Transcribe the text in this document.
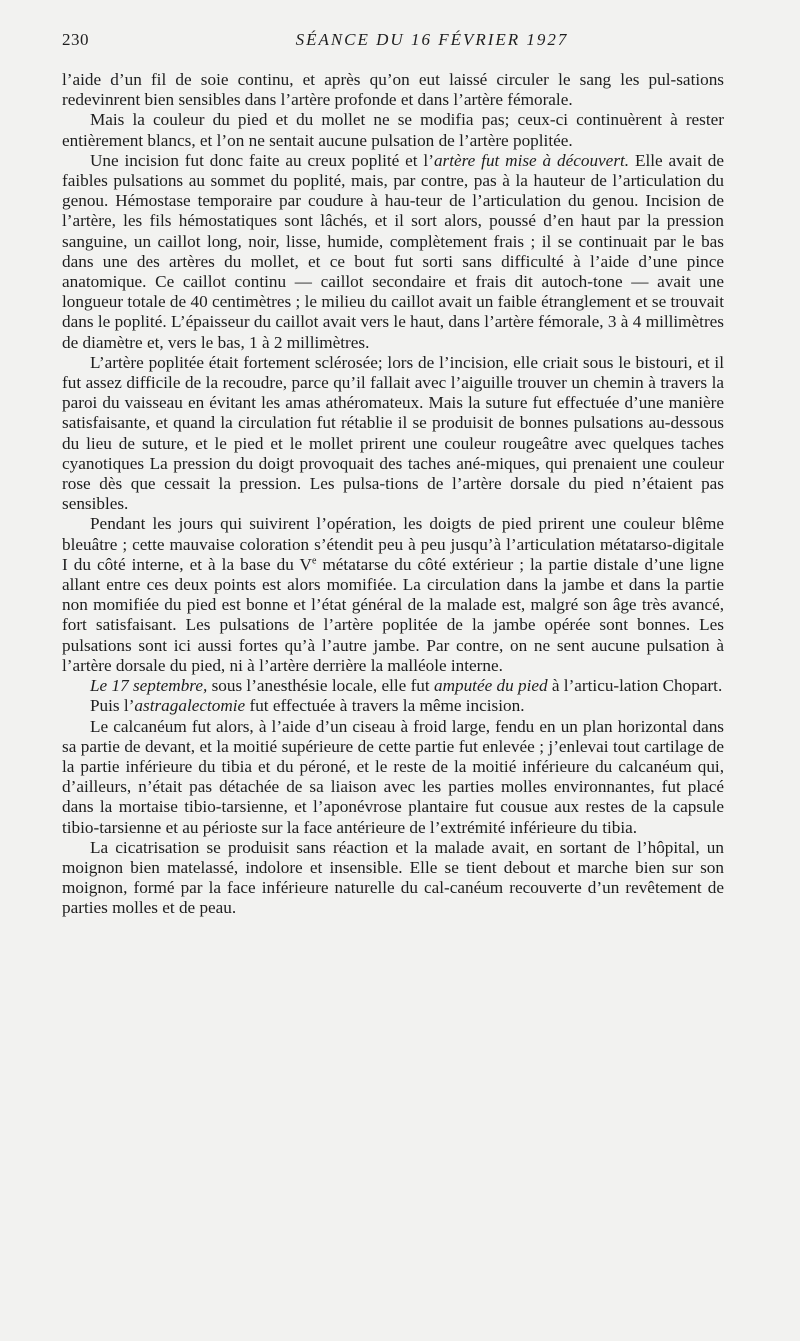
230	SÉANCE DU 16 FÉVRIER 1927

l’aide d’un fil de soie continu, et après qu’on eut laissé circuler le sang les pul-sations redevinrent bien sensibles dans l’artère profonde et dans l’artère fémorale.

Mais la couleur du pied et du mollet ne se modifia pas; ceux-ci continuèrent à rester entièrement blancs, et l’on ne sentait aucune pulsation de l’artère poplitée.

Une incision fut donc faite au creux poplité et l’artère fut mise à découvert. Elle avait de faibles pulsations au sommet du poplité, mais, par contre, pas à la hauteur de l’articulation du genou. Hémostase temporaire par coudure à hau-teur de l’articulation du genou. Incision de l’artère, les fils hémostatiques sont lâchés, et il sort alors, poussé d’en haut par la pression sanguine, un caillot long, noir, lisse, humide, complètement frais ; il se continuait par le bas dans une des artères du mollet, et ce bout fut sorti sans difficulté à l’aide d’une pince anatomique. Ce caillot continu — caillot secondaire et frais dit autoch-tone — avait une longueur totale de 40 centimètres ; le milieu du caillot avait un faible étranglement et se trouvait dans le poplité. L’épaisseur du caillot avait vers le haut, dans l’artère fémorale, 3 à 4 millimètres de diamètre et, vers le bas, 1 à 2 millimètres.

L’artère poplitée était fortement sclérosée; lors de l’incision, elle criait sous le bistouri, et il fut assez difficile de la recoudre, parce qu’il fallait avec l’aiguille trouver un chemin à travers la paroi du vaisseau en évitant les amas athéromateux. Mais la suture fut effectuée d’une manière satisfaisante, et quand la circulation fut rétablie il se produisit de bonnes pulsations au-dessous du lieu de suture, et le pied et le mollet prirent une couleur rougeâtre avec quelques taches cyanotiques La pression du doigt provoquait des taches ané-miques, qui prenaient une couleur rose dès que cessait la pression. Les pulsa-tions de l’artère dorsale du pied n’étaient pas sensibles.

Pendant les jours qui suivirent l’opération, les doigts de pied prirent une couleur blême bleuâtre ; cette mauvaise coloration s’étendit peu à peu jusqu’à l’articulation métatarso-digitale I du côté interne, et à la base du Ve métatarse du côté extérieur ; la partie distale d’une ligne allant entre ces deux points est alors momifiée. La circulation dans la jambe et dans la partie non momifiée du pied est bonne et l’état général de la malade est, malgré son âge très avancé, fort satisfaisant. Les pulsations de l’artère poplitée de la jambe opérée sont bonnes. Les pulsations sont ici aussi fortes qu’à l’autre jambe. Par contre, on ne sent aucune pulsation à l’artère dorsale du pied, ni à l’artère derrière la malléole interne.

Le 17 septembre, sous l’anesthésie locale, elle fut amputée du pied à l’articu-lation Chopart.

Puis l’astragalectomie fut effectuée à travers la même incision.

Le calcanéum fut alors, à l’aide d’un ciseau à froid large, fendu en un plan horizontal dans sa partie de devant, et la moitié supérieure de cette partie fut enlevée ; j’enlevai tout cartilage de la partie inférieure du tibia et du péroné, et le reste de la moitié inférieure du calcanéum qui, d’ailleurs, n’était pas détachée de sa liaison avec les parties molles environnantes, fut placé dans la mortaise tibio-tarsienne, et l’aponévrose plantaire fut cousue aux restes de la capsule tibio-tarsienne et au périoste sur la face antérieure de l’extrémité inférieure du tibia.

La cicatrisation se produisit sans réaction et la malade avait, en sortant de l’hôpital, un moignon bien matelassé, indolore et insensible. Elle se tient debout et marche bien sur son moignon, formé par la face inférieure naturelle du cal-canéum recouverte d’un revêtement de parties molles et de peau.
